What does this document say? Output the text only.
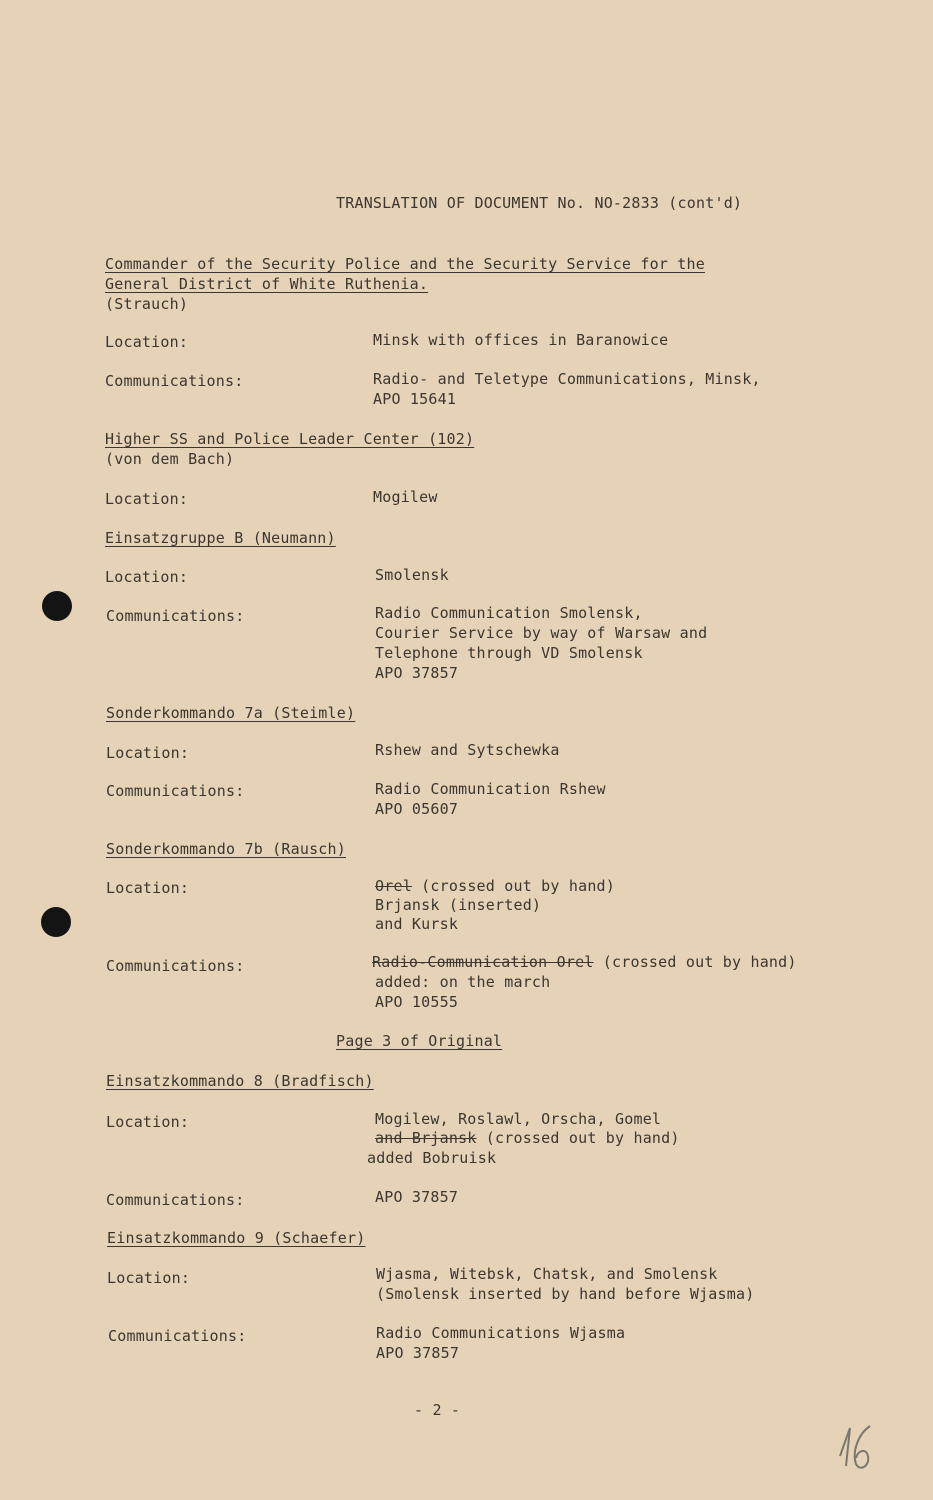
TRANSLATION OF DOCUMENT No. NO-2833 (cont'd)
Commander of the Security Police and the Security Service for the
General District of White Ruthenia.
(Strauch)
Location:	Minsk with offices in Baranowice
Communications:	Radio- and Teletype Communications, Minsk,
APO 15641
Higher SS and Police Leader Center (102)
(von dem Bach)
Location:	Mogilew
Einsatzgruppe B (Neumann)
Location:	Smolensk
Communications:	Radio Communication Smolensk,
Courier Service by way of Warsaw and
Telephone through VD Smolensk
APO 37857
Sonderkommando 7a (Steimle)
Location:	Rshew and Sytschewka
Communications:	Radio Communication Rshew
APO 05607
Sonderkommando 7b (Rausch)
Location:	Orel (crossed out by hand)
Brjansk (inserted)
and Kursk
Communications:	Radio-Communication Orel (crossed out by hand)
added: on the march
APO 10555
Page 3 of Original
Einsatzkommando 8 (Bradfisch)
Location:	Mogilew, Roslawl, Orscha, Gomel
and Brjansk (crossed out by hand)
added Bobruisk
Communications:	APO 37857
Einsatzkommando 9 (Schaefer)
Location:	Wjasma, Witebsk, Chatsk, and Smolensk
(Smolensk inserted by hand before Wjasma)
Communications:	Radio Communications Wjasma
APO 37857
- 2 -
